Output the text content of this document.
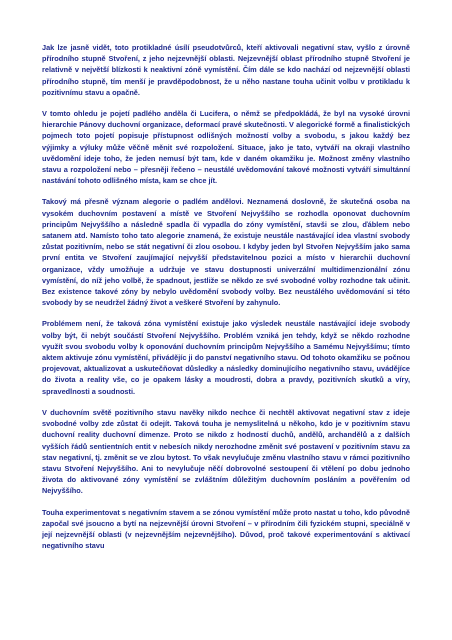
Jak lze jasně vidět, toto protikladné úsílí pseudotvůrců, kteří aktivovali negativní stav, vyšlo z úrovně přírodního stupně Stvoření, z jeho nejzevnější oblasti. Nejzevnější oblast přírodního stupně Stvoření je relativně v největší blízkosti k neaktivní zóně vymístění. Čím dále se kdo nachází od nejzevnější oblasti přírodního stupně, tím menší je pravděpodobnost, že u něho nastane touha učinit volbu v protikladu k pozitivnímu stavu a opačně.

V tomto ohledu je pojetí padlého anděla či Lucifera, o němž se předpokládá, že byl na vysoké úrovni hierarchie Pánovy duchovní organizace, deformací pravé skutečnosti. V alegorické formě a finalistických pojmech toto pojetí popisuje přístupnost odlišných možností volby a svobodu, s jakou každý bez výjimky a výluky může věčně měnit své rozpoložení. Situace, jako je tato, vytváří na okraji vlastního uvědomění ideje toho, že jeden nemusí být tam, kde v daném okamžiku je. Možnost změny vlastního stavu a rozpoložení nebo – přesněji řečeno – neustálé uvědomování takové možnosti vytváří simultánní nastávání tohoto odlišného místa, kam se chce jít.

Takový má přesně význam alegorie o padlém andělovi. Neznamená doslovně, že skutečná osoba na vysokém duchovním postavení a místě ve Stvoření Nejvyššího se rozhodla oponovat duchovním principům Nejvyššího a následně spadla či vypadla do zóny vymístění, stavši se zlou, ďáblem nebo satanem atd. Namísto toho tato alegorie znamená, že existuje neustále nastávající idea vlastní svobody zůstat pozitivním, nebo se stát negativní či zlou osobou. I kdyby jeden byl Stvořen Nejvyšším jako sama první entita ve Stvoření zaujímající nejvyšší představitelnou pozici a místo v hierarchii duchovní organizace, vždy umožňuje a udržuje ve stavu dostupnosti univerzální multidimenzionální zónu vymístění, do níž jeho volbě, že spadnout, jestliže se někdo ze své svobodné volby rozhodne tak učinit. Bez existence takové zóny by nebylo uvědomění svobody volby. Bez neustálého uvědomování si této svobody by se neudržel žádný život a veškeré Stvoření by zahynulo.

Problémem není, že taková zóna vymístění existuje jako výsledek neustále nastávající ideje svobody volby být, či nebýt součástí Stvoření Nejvyššího. Problém vzniká jen tehdy, když se někdo rozhodne využít svou svobodu volby k oponování duchovním principům Nejvyššího a Samému Nejvyššímu; tímto aktem aktivuje zónu vymístění, přivádějíc ji do panství negativního stavu. Od tohoto okamžiku se počnou projevovat, aktualizovat a uskutečňovat důsledky a následky dominujícího negativního stavu, uvádějíce do života a reality vše, co je opakem lásky a moudrosti, dobra a pravdy, pozitivních skutků a víry, spravedlnosti a soudnosti.

V duchovním světě pozitivního stavu navěky nikdo nechce či nechtěl aktivovat negativní stav z ideje svobodné volby zde zůstat či odejít. Taková touha je nemyslitelná u někoho, kdo je v pozitivním stavu duchovní reality duchovní dimenze. Proto se nikdo z hodností duchů, andělů, archandělů a z dalších vyšších řádů sentientních entit v nebesích nikdy nerozhodne změnit své postavení v pozitivním stavu za stav negativní, tj. změnit se ve zlou bytost. To však nevylučuje změnu vlastního stavu v rámci pozitivního stavu Stvoření Nejvyššího. Ani to nevylučuje něčí dobrovolné sestoupení či vtělení po dobu jednoho života do aktivované zóny vymístění se zvláštním důležitým duchovním posláním a pověřením od Nejvyššího.

Touha experimentovat s negativním stavem a se zónou vymístění může proto nastat u toho, kdo původně započal své jsoucno a bytí na nejzevnější úrovni Stvoření – v přírodním čili fyzickém stupni, speciálně v její nejzevnější oblasti (v nejzevnějším nejzevnějšího). Důvod, proč takové experimentování s aktivací negativního stavu
